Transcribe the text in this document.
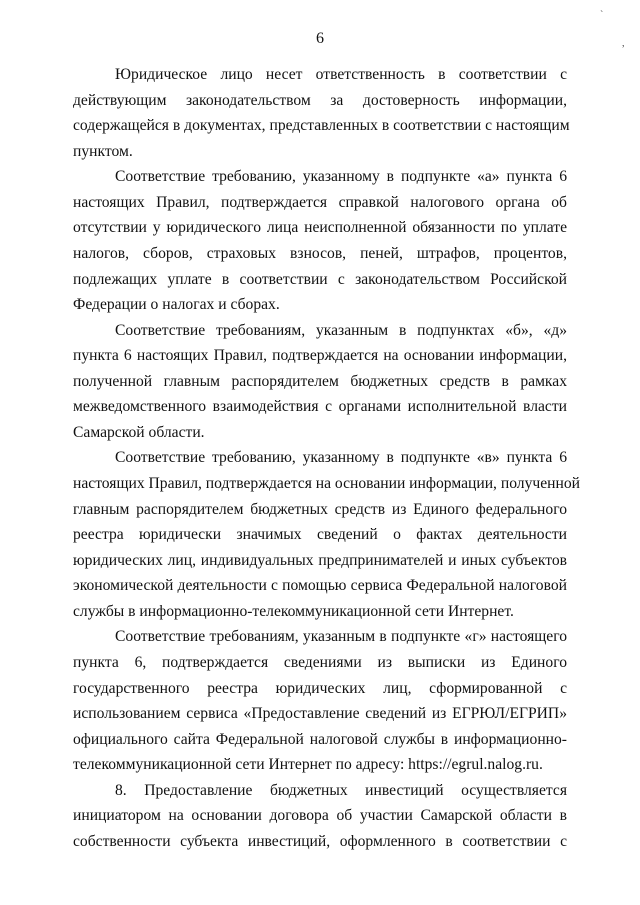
6
ˋ
,
Юридическое лицо несет ответственность в соответствии с
действующим законодательством за достоверность информации,
содержащейся в документах, представленных в соответствии с настоящим
пунктом.
Соответствие требованию, указанному в подпункте «а» пункта 6
настоящих Правил, подтверждается справкой налогового органа об
отсутствии у юридического лица неисполненной обязанности по уплате
налогов, сборов, страховых взносов, пеней, штрафов, процентов,
подлежащих уплате в соответствии с законодательством Российской
Федерации о налогах и сборах.
Соответствие требованиям, указанным в подпунктах «б», «д»
пункта 6 настоящих Правил, подтверждается на основании информации,
полученной главным распорядителем бюджетных средств в рамках
межведомственного взаимодействия с органами исполнительной власти
Самарской области.
Соответствие требованию, указанному в подпункте «в» пункта 6
настоящих Правил, подтверждается на основании информации, полученной
главным распорядителем бюджетных средств из Единого федерального
реестра юридически значимых сведений о фактах деятельности
юридических лиц, индивидуальных предпринимателей и иных субъектов
экономической деятельности с помощью сервиса Федеральной налоговой
службы в информационно-телекоммуникационной сети Интернет.
Соответствие требованиям, указанным в подпункте «г» настоящего
пункта 6, подтверждается сведениями из выписки из Единого
государственного реестра юридических лиц, сформированной с
использованием сервиса «Предоставление сведений из ЕГРЮЛ/ЕГРИП»
официального сайта Федеральной налоговой службы в информационно-
телекоммуникационной сети Интернет по адресу: https://egrul.nalog.ru.
8. Предоставление бюджетных инвестиций осуществляется
инициатором на основании договора об участии Самарской области в
собственности субъекта инвестиций, оформленного в соответствии с
